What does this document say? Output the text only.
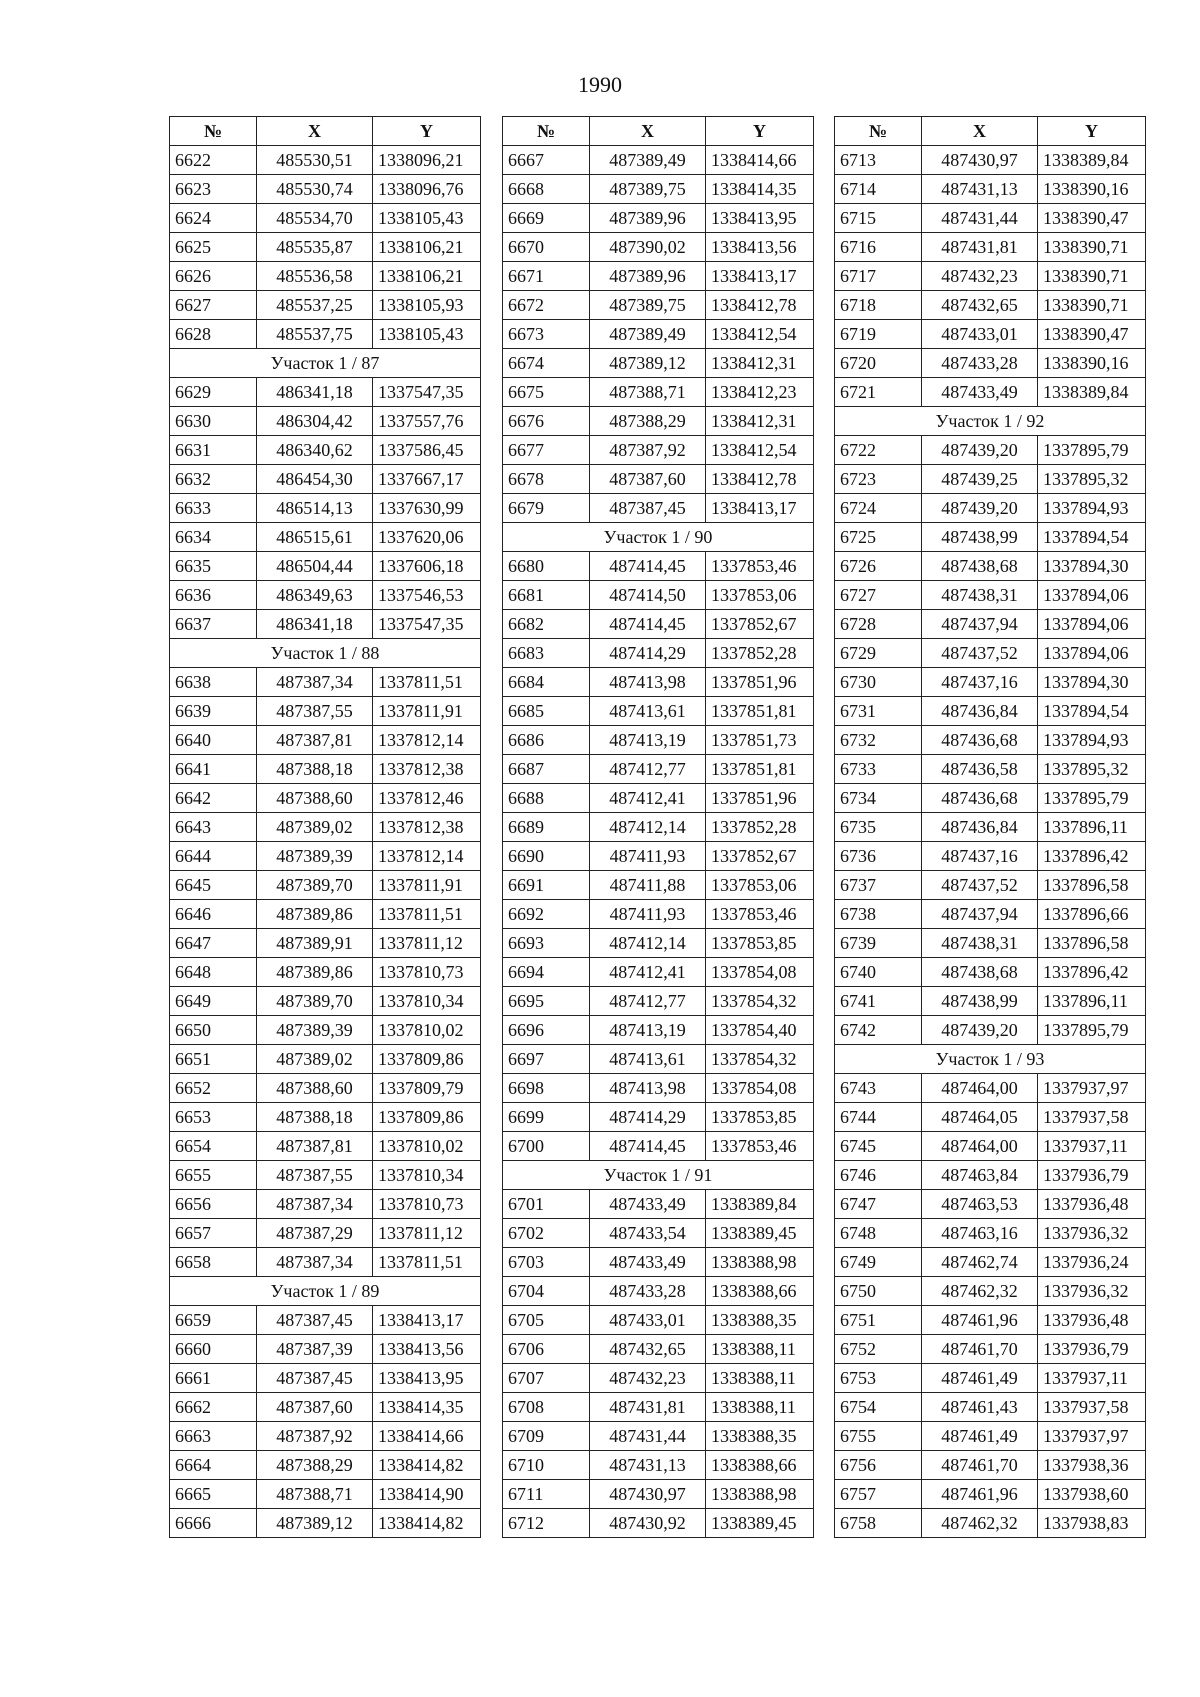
1990
№	X	Y
6622	485530,51	1338096,21
6623	485530,74	1338096,76
6624	485534,70	1338105,43
6625	485535,87	1338106,21
6626	485536,58	1338106,21
6627	485537,25	1338105,93
6628	485537,75	1338105,43
Участок 1 / 87		
6629	486341,18	1337547,35
6630	486304,42	1337557,76
6631	486340,62	1337586,45
6632	486454,30	1337667,17
6633	486514,13	1337630,99
6634	486515,61	1337620,06
6635	486504,44	1337606,18
6636	486349,63	1337546,53
6637	486341,18	1337547,35
Участок 1 / 88		
6638	487387,34	1337811,51
6639	487387,55	1337811,91
6640	487387,81	1337812,14
6641	487388,18	1337812,38
6642	487388,60	1337812,46
6643	487389,02	1337812,38
6644	487389,39	1337812,14
6645	487389,70	1337811,91
6646	487389,86	1337811,51
6647	487389,91	1337811,12
6648	487389,86	1337810,73
6649	487389,70	1337810,34
6650	487389,39	1337810,02
6651	487389,02	1337809,86
6652	487388,60	1337809,79
6653	487388,18	1337809,86
6654	487387,81	1337810,02
6655	487387,55	1337810,34
6656	487387,34	1337810,73
6657	487387,29	1337811,12
6658	487387,34	1337811,51
Участок 1 / 89		
6659	487387,45	1338413,17
6660	487387,39	1338413,56
6661	487387,45	1338413,95
6662	487387,60	1338414,35
6663	487387,92	1338414,66
6664	487388,29	1338414,82
6665	487388,71	1338414,90
6666	487389,12	1338414,82
№	X	Y
6667	487389,49	1338414,66
6668	487389,75	1338414,35
6669	487389,96	1338413,95
6670	487390,02	1338413,56
6671	487389,96	1338413,17
6672	487389,75	1338412,78
6673	487389,49	1338412,54
6674	487389,12	1338412,31
6675	487388,71	1338412,23
6676	487388,29	1338412,31
6677	487387,92	1338412,54
6678	487387,60	1338412,78
6679	487387,45	1338413,17
Участок 1 / 90		
6680	487414,45	1337853,46
6681	487414,50	1337853,06
6682	487414,45	1337852,67
6683	487414,29	1337852,28
6684	487413,98	1337851,96
6685	487413,61	1337851,81
6686	487413,19	1337851,73
6687	487412,77	1337851,81
6688	487412,41	1337851,96
6689	487412,14	1337852,28
6690	487411,93	1337852,67
6691	487411,88	1337853,06
6692	487411,93	1337853,46
6693	487412,14	1337853,85
6694	487412,41	1337854,08
6695	487412,77	1337854,32
6696	487413,19	1337854,40
6697	487413,61	1337854,32
6698	487413,98	1337854,08
6699	487414,29	1337853,85
6700	487414,45	1337853,46
Участок 1 / 91		
6701	487433,49	1338389,84
6702	487433,54	1338389,45
6703	487433,49	1338388,98
6704	487433,28	1338388,66
6705	487433,01	1338388,35
6706	487432,65	1338388,11
6707	487432,23	1338388,11
6708	487431,81	1338388,11
6709	487431,44	1338388,35
6710	487431,13	1338388,66
6711	487430,97	1338388,98
6712	487430,92	1338389,45
№	X	Y
6713	487430,97	1338389,84
6714	487431,13	1338390,16
6715	487431,44	1338390,47
6716	487431,81	1338390,71
6717	487432,23	1338390,71
6718	487432,65	1338390,71
6719	487433,01	1338390,47
6720	487433,28	1338390,16
6721	487433,49	1338389,84
Участок 1 / 92		
6722	487439,20	1337895,79
6723	487439,25	1337895,32
6724	487439,20	1337894,93
6725	487438,99	1337894,54
6726	487438,68	1337894,30
6727	487438,31	1337894,06
6728	487437,94	1337894,06
6729	487437,52	1337894,06
6730	487437,16	1337894,30
6731	487436,84	1337894,54
6732	487436,68	1337894,93
6733	487436,58	1337895,32
6734	487436,68	1337895,79
6735	487436,84	1337896,11
6736	487437,16	1337896,42
6737	487437,52	1337896,58
6738	487437,94	1337896,66
6739	487438,31	1337896,58
6740	487438,68	1337896,42
6741	487438,99	1337896,11
6742	487439,20	1337895,79
Участок 1 / 93		
6743	487464,00	1337937,97
6744	487464,05	1337937,58
6745	487464,00	1337937,11
6746	487463,84	1337936,79
6747	487463,53	1337936,48
6748	487463,16	1337936,32
6749	487462,74	1337936,24
6750	487462,32	1337936,32
6751	487461,96	1337936,48
6752	487461,70	1337936,79
6753	487461,49	1337937,11
6754	487461,43	1337937,58
6755	487461,49	1337937,97
6756	487461,70	1337938,36
6757	487461,96	1337938,60
6758	487462,32	1337938,83
